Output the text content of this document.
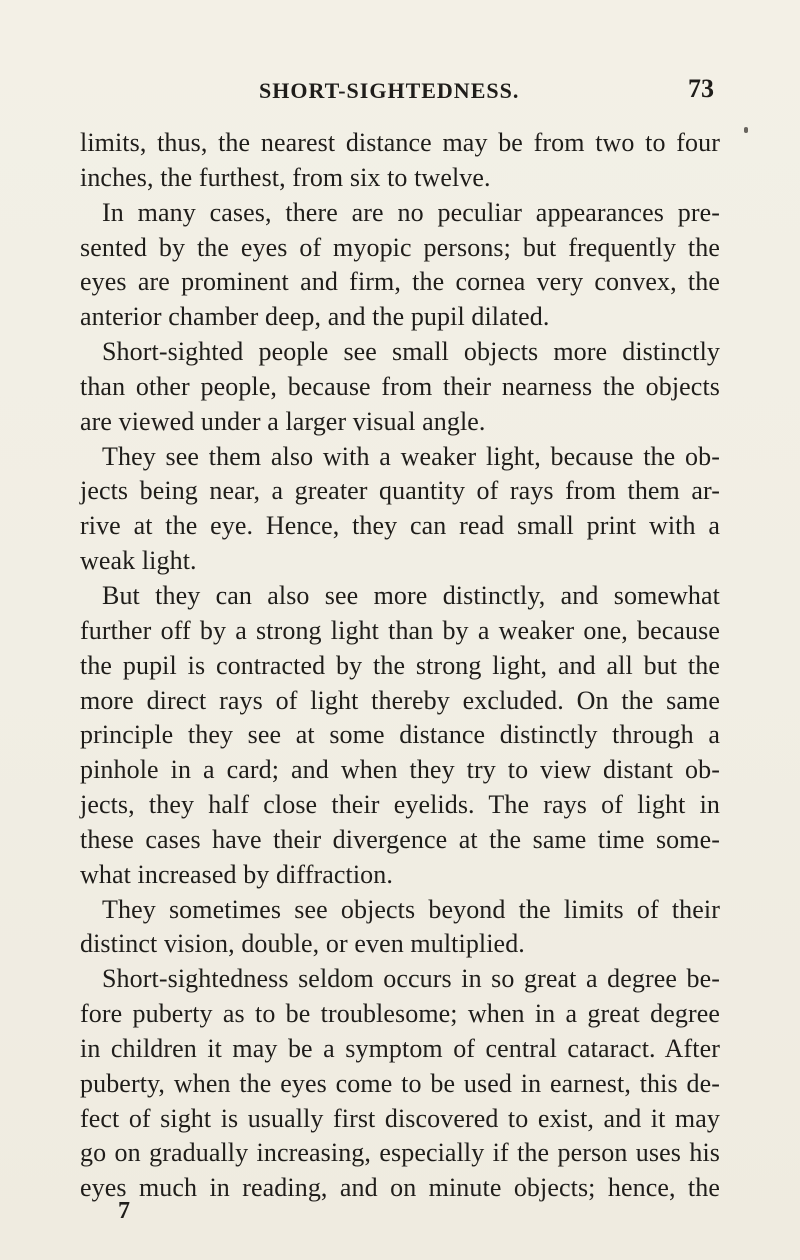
SHORT-SIGHTEDNESS.	73
limits, thus, the nearest distance may be from two to four
inches, the furthest, from six to twelve.
In many cases, there are no peculiar appearances pre-
sented by the eyes of myopic persons; but frequently the
eyes are prominent and firm, the cornea very convex, the
anterior chamber deep, and the pupil dilated.
Short-sighted people see small objects more distinctly
than other people, because from their nearness the objects
are viewed under a larger visual angle.
They see them also with a weaker light, because the ob-
jects being near, a greater quantity of rays from them ar-
rive at the eye. Hence, they can read small print with a
weak light.
But they can also see more distinctly, and somewhat
further off by a strong light than by a weaker one, because
the pupil is contracted by the strong light, and all but the
more direct rays of light thereby excluded. On the same
principle they see at some distance distinctly through a
pinhole in a card; and when they try to view distant ob-
jects, they half close their eyelids. The rays of light in
these cases have their divergence at the same time some-
what increased by diffraction.
They sometimes see objects beyond the limits of their
distinct vision, double, or even multiplied.
Short-sightedness seldom occurs in so great a degree be-
fore puberty as to be troublesome; when in a great degree
in children it may be a symptom of central cataract. After
puberty, when the eyes come to be used in earnest, this de-
fect of sight is usually first discovered to exist, and it may
go on gradually increasing, especially if the person uses his
eyes much in reading, and on minute objects; hence, the
7
